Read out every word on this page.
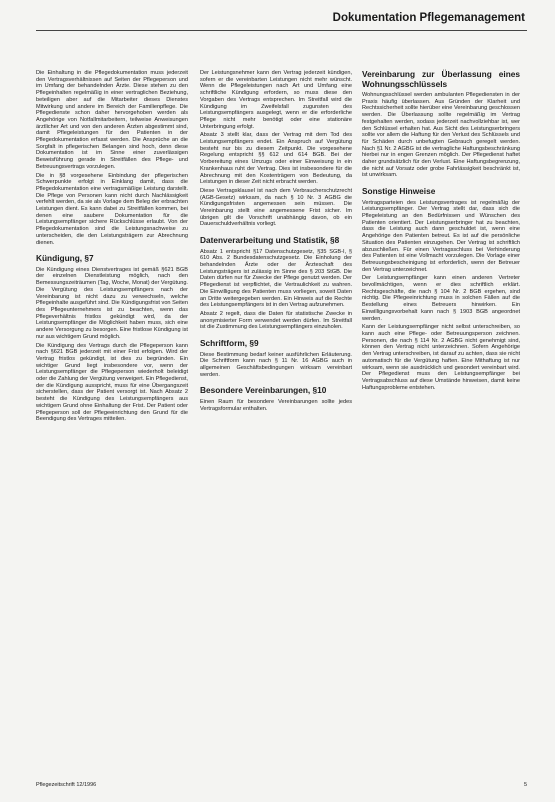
Dokumentation Pflegemanagement

Die Einhaltung in die Pflegedokumentation muss jederzeit den Vertragsverhältnissen auf Seiten der Pflegeperson und im Umfang der behandelnden Ärzte. Diese stehen zu den Pflegeinhalten regelmäßig in einer vertraglichen Beziehung, beteiligen aber auf die Mitarbeiter dieses Dienstes Mitwirkung und andere im Bereich der Familienpflege. Die Pflegedienste schon daher hervorgehoben werden als Angehörige von Notfallmitarbeitern, teilweise Anweisungen ärztlicher Art und von den anderen Ärzten abgestimmt sind, damit Pflegeleistungen für den Patienten in der Pflegedokumentation erfasst werden. Die Ansprüche an die Sorgfalt in pflegerischen Belangen sind hoch, denn diese Dokumentation ist im Sinne einer zuverlässigen Beweisführung gerade in Streitfällen des Pflege- und Betreuungsvertrags vorzulegen.

Die in §8 vorgesehene Einbindung der pflegerischen Schwerpunkte erfolgt in Einklang damit, dass die Pflegedokumentation eine vertragsmäßige Leistung darstellt. Die Pflege von Personen kann nicht durch Nachlässigkeit verfehlt werden, da sie als Vorlage dem Beleg der erbrachten Leistungen dient. Es kann dabei zu Streitfällen kommen, bei denen eine saubere Dokumentation für die Leistungsempfänger sichere Rückschlüsse erlaubt. Von der Pflegedokumentation sind die Leistungsnachweise zu unterscheiden, die den Leistungsträgern zur Abrechnung dienen.

Kündigung, §7

Die Kündigung eines Dienstvertrages ist gemäß §621 BGB der einzelnen Dienstleistung möglich, nach den Bemessungszeiträumen (Tag, Woche, Monat) der Vergütung. Die Vergütung des Leistungsempfängers nach der Vereinbarung ist nicht dazu zu verwechseln, welche Pflegeinhalte ausgeführt sind. Die Kündigungsfrist von Seiten des Pflegeunternehmers ist zu beachten, wenn das Pflegeverhältnis fristlos gekündigt wird, da der Leistungsempfänger die Möglichkeit haben muss, sich eine andere Versorgung zu besorgen. Eine fristlose Kündigung ist nur aus wichtigem Grund möglich.

Die Kündigung des Vertrags durch die Pflegeperson kann nach §621 BGB jederzeit mit einer Frist erfolgen. Wird der Vertrag fristlos gekündigt, ist dies zu begründen. Ein wichtiger Grund liegt insbesondere vor, wenn der Leistungsempfänger die Pflegeperson wiederholt beleidigt oder die Zahlung der Vergütung verweigert. Ein Pflegedienst, der die Kündigung ausspricht, muss für eine Übergangszeit sicherstellen, dass der Patient versorgt ist. Nach Absatz 2 besteht die Kündigung des Leistungsempfängers aus wichtigem Grund ohne Einhaltung der Frist. Der Patient oder Pflegeperson soll der Pflegeeinrichtung den Grund für die Beendigung des Vertrages mitteilen.

Der Leistungsnehmer kann den Vertrag jederzeit kündigen, sofern er die vereinbarten Leistungen nicht mehr wünscht. Wenn die Pflegeleistungen nach Art und Umfang eine schriftliche Kündigung erfordern, so muss diese den Vorgaben des Vertrags entsprechen. Im Streitfall wird die Kündigung im Zweifelsfall zugunsten des Leistungsempfängers ausgelegt, wenn er die erforderliche Pflege nicht mehr benötigt oder eine stationäre Unterbringung erfolgt.

Absatz 3 stellt klar, dass der Vertrag mit dem Tod des Leistungsempfängers endet. Ein Anspruch auf Vergütung besteht nur bis zu diesem Zeitpunkt. Die vorgesehene Regelung entspricht §§ 612 und 614 BGB. Bei der Vorbereitung eines Umzugs oder einer Einweisung in ein Krankenhaus ruht der Vertrag. Dies ist insbesondere für die Abrechnung mit den Kostenträgern von Bedeutung, da Leistungen in dieser Zeit nicht erbracht werden.

Diese Vertragsklausel ist nach dem Verbraucherschutzrecht (AGB-Gesetz) wirksam, da nach § 10 Nr. 3 AGBG die Kündigungsfristen angemessen sein müssen. Die Vereinbarung stellt eine angemessene Frist sicher. Im übrigen gilt die Vorschrift unabhängig davon, ob ein Dauerschuldverhältnis vorliegt.

Datenverarbeitung und Statistik, §8

Absatz 1 entspricht §17 Datenschutzgesetz, §35 SGB-I, § 610 Abs. 2 Bundesdatenschutzgesetz. Die Einholung der behandelnden Ärzte oder der Ärzteschaft des Leistungsträgers ist zulässig im Sinne des § 203 StGB. Die Daten dürfen nur für Zwecke der Pflege genutzt werden. Der Pflegedienst ist verpflichtet, die Vertraulichkeit zu wahren. Die Einwilligung des Patienten muss vorliegen, soweit Daten an Dritte weitergegeben werden. Ein Hinweis auf die Rechte des Leistungsempfängers ist in den Vertrag aufzunehmen.

Absatz 2 regelt, dass die Daten für statistische Zwecke in anonymisierter Form verwendet werden dürfen. Im Streitfall ist die Zustimmung des Leistungsempfängers einzuholen.

Schriftform, §9

Diese Bestimmung bedarf keiner ausführlichen Erläuterung. Die Schriftform kann nach § 11 Nr. 16 AGBG auch in allgemeinen Geschäftsbedingungen wirksam vereinbart werden.

Besondere Vereinbarungen, §10

Einen Raum für besondere Vereinbarungen sollte jedes Vertragsformular enthalten.

Vereinbarung zur Überlassung eines Wohnungsschlüssels

Wohnungsschlüssel werden ambulanten Pflegediensten in der Praxis häufig überlassen. Aus Gründen der Klarheit und Rechtssicherheit sollte hierüber eine Vereinbarung geschlossen werden. Die Überlassung sollte regelmäßig im Vertrag festgehalten werden, sodass jederzeit nachvollziehbar ist, wer den Schlüssel erhalten hat. Aus Sicht des Leistungserbringers sollte vor allem die Haftung für den Verlust des Schlüssels und für Schäden durch unbefugten Gebrauch geregelt werden. Nach §1 Nr. 2 AGBG ist die vertragliche Haftungsbeschränkung hierbei nur in engen Grenzen möglich. Der Pflegedienst haftet daher grundsätzlich für den Verlust. Eine Haftungsbegrenzung, die nicht auf Vorsatz oder grobe Fahrlässigkeit beschränkt ist, ist unwirksam.

Sonstige Hinweise

Vertragsparteien des Leistungsvertrages ist regelmäßig der Leistungsempfänger. Der Vertrag stellt dar, dass sich die Pflegeleistung an den Bedürfnissen und Wünschen des Patienten orientiert. Der Leistungserbringer hat zu beachten, dass die Leistung auch dann geschuldet ist, wenn eine Angehörige den Patienten betreut. Es ist auf die persönliche Situation des Patienten einzugehen. Der Vertrag ist schriftlich abzuschließen. Für einen Vertragsschluss bei Verhinderung des Patienten ist eine Vollmacht vorzulegen. Die Vorlage einer Betreuungsbescheinigung ist erforderlich, wenn der Betreuer den Vertrag unterzeichnet.

Der Leistungsempfänger kann einen anderen Vertreter bevollmächtigen, wenn er dies schriftlich erklärt. Rechtsgeschäfte, die nach § 104 Nr. 2 BGB ergehen, sind nichtig. Die Pflegeeinrichtung muss in solchen Fällen auf die Bestellung eines Betreuers hinwirken. Ein Einwilligungsvorbehalt kann nach § 1903 BGB angeordnet werden.

Kann der Leistungsempfänger nicht selbst unterschreiben, so kann auch eine Pflege- oder Betreuungsperson zeichnen. Personen, die nach § 114 Nr. 2 AGBG nicht genehmigt sind, können den Vertrag nicht unterzeichnen. Sofern Angehörige den Vertrag unterschreiben, ist darauf zu achten, dass sie nicht automatisch für die Vergütung haften. Eine Mithaftung ist nur wirksam, wenn sie ausdrücklich und gesondert vereinbart wird. Der Pflegedienst muss den Leistungsempfänger bei Vertragsabschluss auf diese Umstände hinweisen, damit keine Haftungsprobleme entstehen.

Pflegezeitschrift 12/1996	5
